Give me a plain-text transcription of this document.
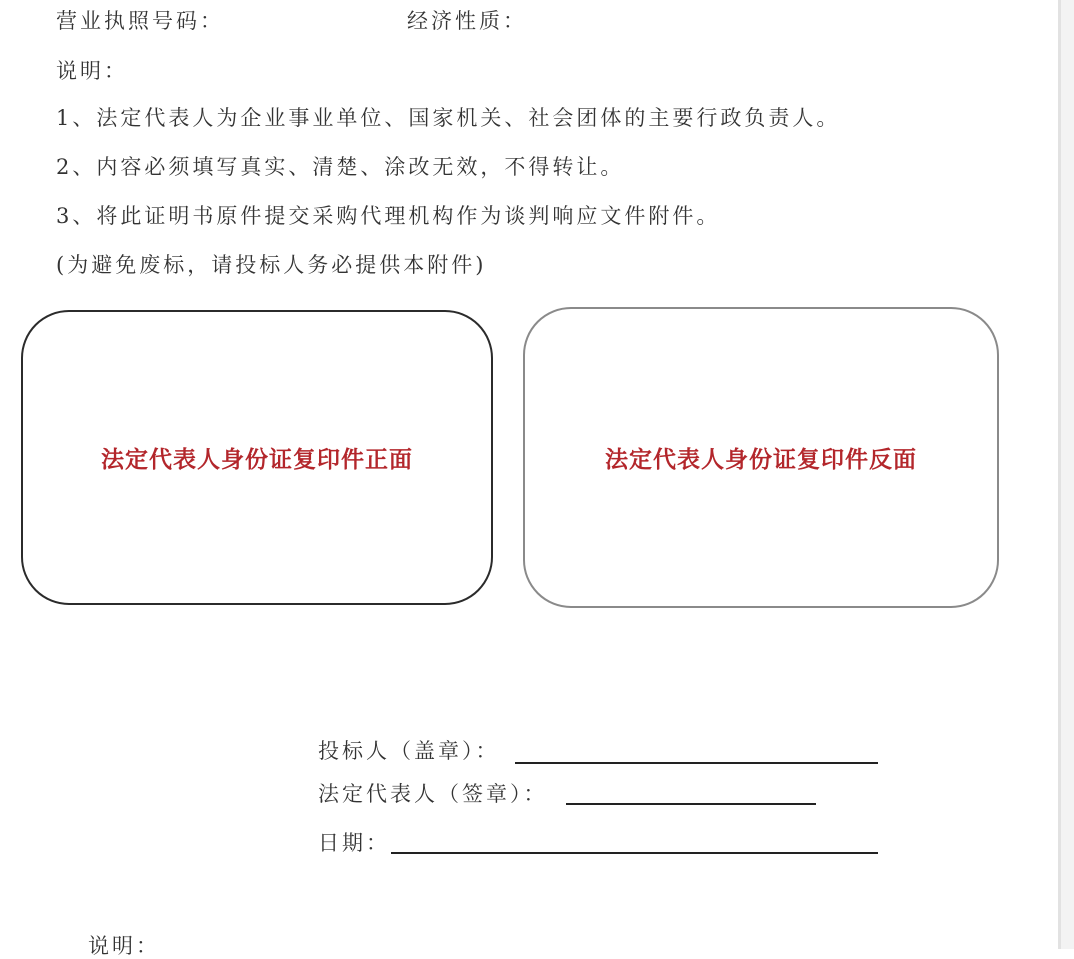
营业执照号码：	经济性质：
说明：
1、法定代表人为企业事业单位、国家机关、社会团体的主要行政负责人。
2、内容必须填写真实、清楚、涂改无效，不得转让。
3、将此证明书原件提交采购代理机构作为谈判响应文件附件。
(为避免废标，请投标人务必提供本附件)
法定代表人身份证复印件正面	法定代表人身份证复印件反面
投标人（盖章）：
法定代表人（签章）：
日期：
说明：
